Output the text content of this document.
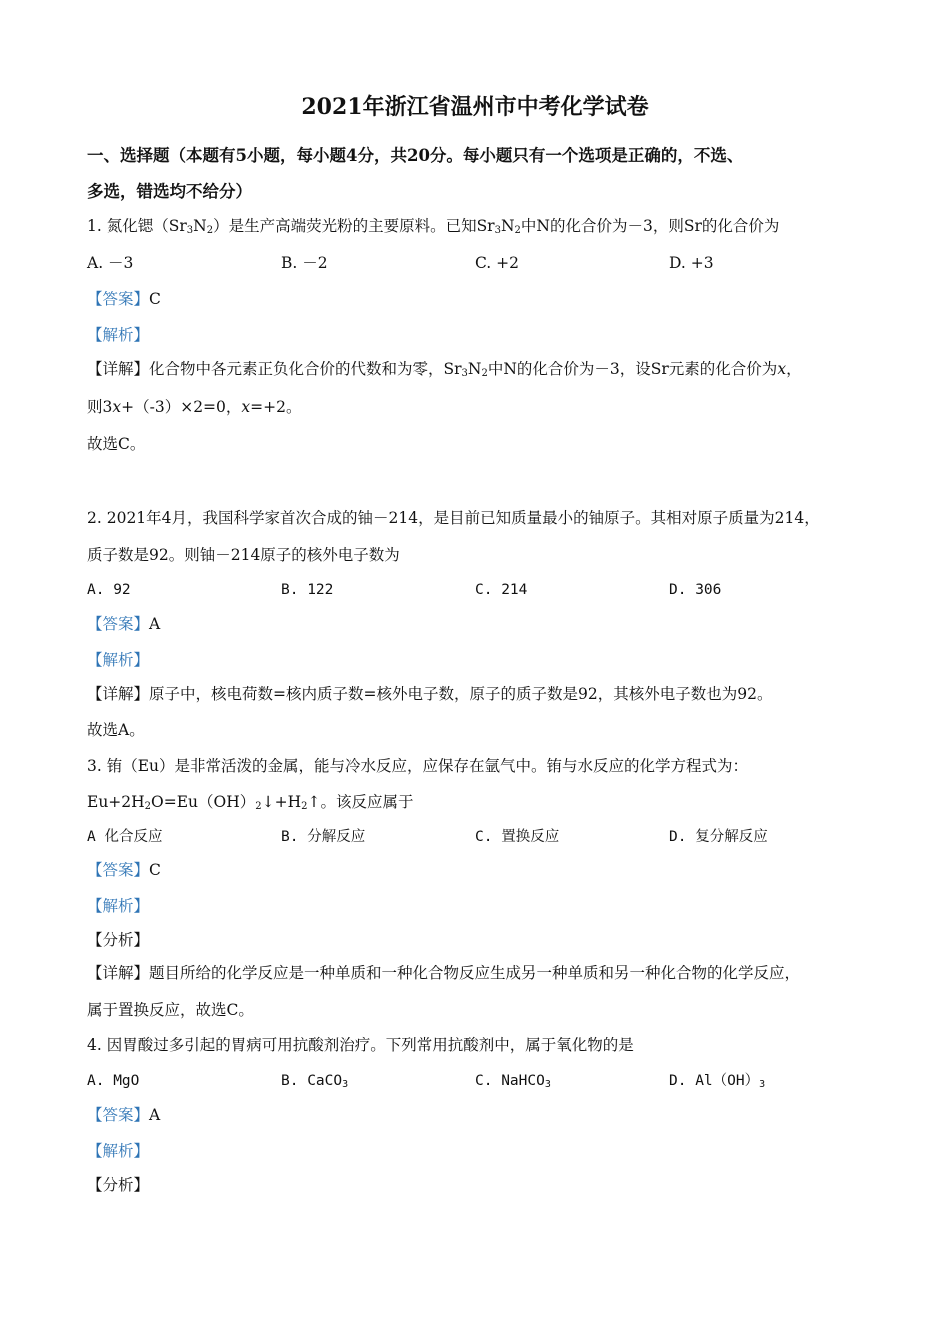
2021年浙江省温州市中考化学试卷
一、选择题（本题有5小题，每小题4分，共20分。每小题只有一个选项是正确的，不选、
多选，错选均不给分）
1. 氮化锶$(Sr_3N_2)$是生产高端荧光粉的主要原料。已知$Sr_3N_2$中N的化合价为－3，则Sr的化合价为
A. －3	B. －2	C. +2	D. +3
【答案】C
【解析】
【详解】化合物中各元素正负化合价的代数和为零，$Sr_3N_2$中N的化合价为－3，设Sr元素的化合价为x，
则3x+（-3）×2=0，x=+2。
故选C。
2. 2021年4月，我国科学家首次合成的铀－214，是目前已知质量最小的铀原子。其相对原子质量为214，
质子数是92。则铀－214原子的核外电子数为
A. 92	B. 122	C. 214	D. 306
【答案】A
【解析】
【详解】原子中，核电荷数=核内质子数=核外电子数，原子的质子数是92，其核外电子数也为92。
故选A。
3. 铕（Eu）是非常活泼的金属，能与冷水反应，应保存在氩气中。铕与水反应的化学方程式为：
$Eu+2H_2O=Eu(OH)_2↓+H_2↑$。该反应属于
A 化合反应	B. 分解反应	C. 置换反应	D. 复分解反应
【答案】C
【解析】
【分析】
【详解】题目所给的化学反应是一种单质和一种化合物反应生成另一种单质和另一种化合物的化学反应，
属于置换反应，故选C。
4. 因胃酸过多引起的胃病可用抗酸剂治疗。下列常用抗酸剂中，属于氧化物的是
A. MgO	B. CaCO$_3$	C. NaHCO$_3$	D. $Al(OH)_3$
【答案】A
【解析】
【分析】
